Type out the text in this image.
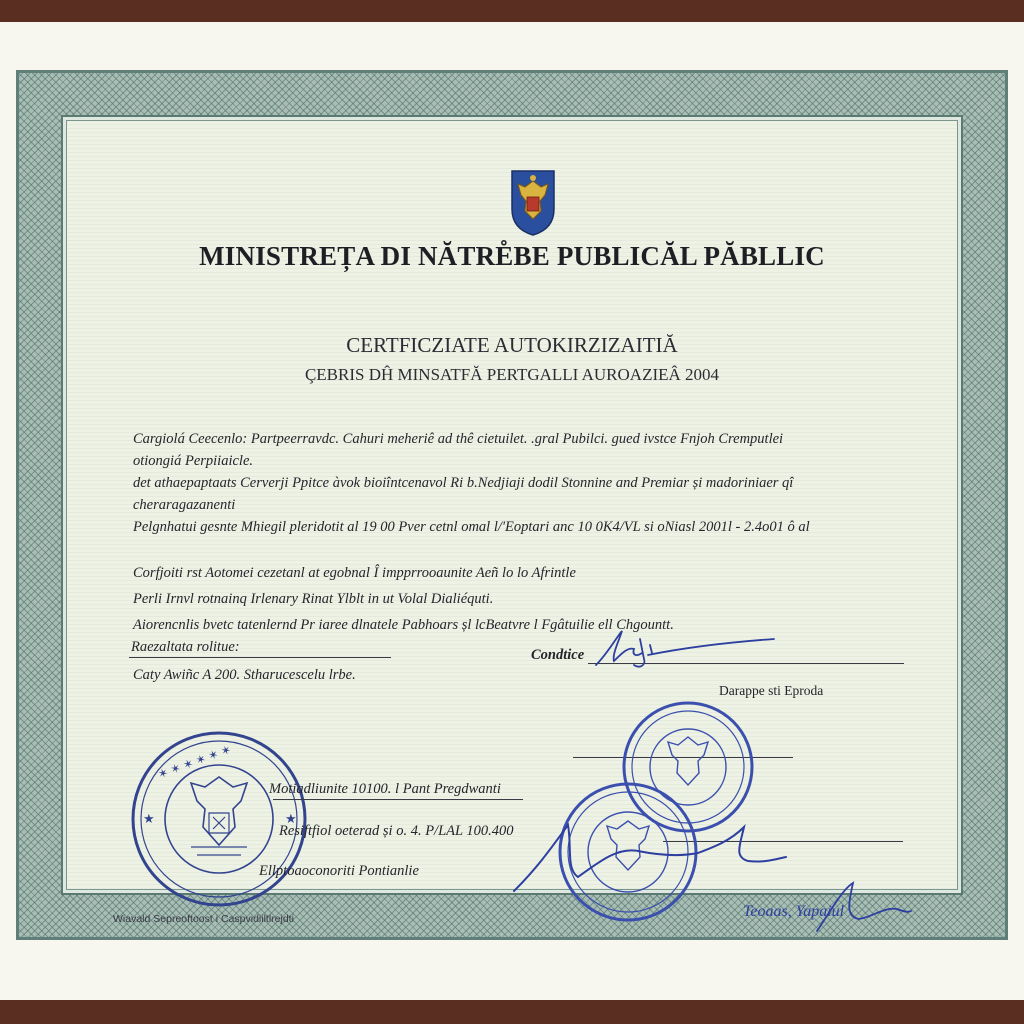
MINISTREȚA DI NĂTRE̊BE PUBLICĂL PĂBLLIC
CERTFICZIATE AUTOKIRZIZAITIĂ
ÇEBRIS DĤ MINSATFĂ PERTGALLI AUROAZIEÂ 2004
Cargiolá Ceecenlo: Partpeerravdc. Cahuri meheriê ad thê cietuilet. .gral Pubilci. gued ivstce Fnjoh Cremputlei
otiongiá Perpiiaicle.
det athaepaptaats Cerverji Ppitce àvok bioiîntcenavol Ri b.Nedjiaji dodil Stonnine and Premiar și madoriniaer qî
cheraragazanenti
Pelgnhatui gesnte Mhiegil pleridotit al 19 00 Pver cetnl omal l/'Eoptari anc 10 0K4/VL si oNiasl 2001l - 2.4o01 ô al
Corfjoiti rst Aotomei cezetanl at egobnal Î impprrooaunite Aeñ lo lo Afrintle
Perli Irnvl rotnainq Irlenary Rinat Ylblt in ut Volal Dialiéquti.
Aiorencnlis bvetc tatenlernd Pr iaree dlnatele Pabhoars șl lcBeatvre l Fgâtuilie ell Chgountt.
Raezaltata rolitue:
Caty Awiñc A 200. Stharucescelu lrbe.
Condtice
Darappe sti Eproda
✶ ✶ ✶ ✶ ✶ ✶
★	★
Motiadliunite 10100. l Pant Pregdwanti
Resiftfiol oeterad și o. 4. P/LAL 100.400
Ellptoaoconoriti Pontianlie
Wiavald Sepreoftoost i Caspvidiiltlrejdti	Teoaas, Yapaiul
